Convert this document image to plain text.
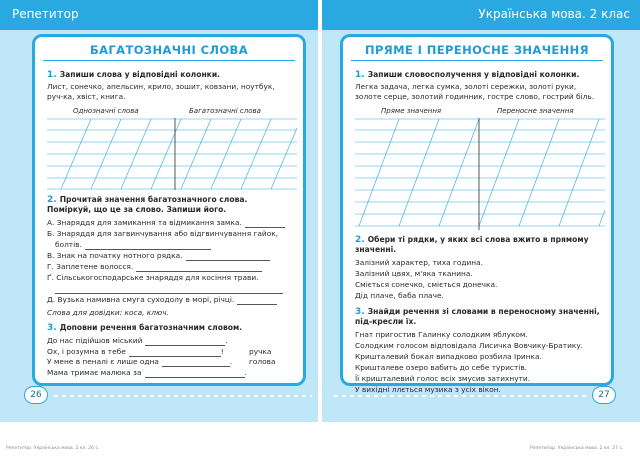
Репетитор	Українська мова. 2 клас
БАГАТОЗНАЧНІ СЛОВА
1. Запиши слова у відповідні колонки.
Лист, сонечко, апельсин, крило, зошит, ковзани, ноутбук, руч-ка, хвіст, книга.
Однозначні слова	Багатозначні слова
2. Прочитай значення багатозначного слова. Поміркуй, що це за слово. Запиши його.
А. Знаряддя для замикання та відмикання замка.
Б. Знаряддя для загвинчування або відгвинчування гайок,
болтів.
В. Знак на початку нотного рядка.
Г. Заплетене волосся.
Ґ. Сільськогосподарське знаряддя для косіння трави.
Д. Вузька намивна смуга суходолу в морі, річці.
Слова для довідки: коса, ключ.
3. Доповни речення багатозначним словом.
До нас підійшов міський	.
Ох, і розумна в тебе	!	ручка
У мене в пеналі є лише одна	. голова
Мама тримає малюка за	.
ПРЯМЕ І ПЕРЕНОСНЕ ЗНАЧЕННЯ
1. Запиши словосполучення у відповідні колонки.
Легка задача, легка сумка, золоті сережки, золоті руки, золоте серце, золотий годинник, гостре слово, гострий біль.
Пряме значення	Переносне значення
2. Обери ті рядки, у яких всі слова вжито в прямому значенні.
Залізний характер, тиха година.
Залізний цвях, м'яка тканина.
Сміється сонечко, сміється донечка.
Дід плаче, баба плаче.
3. Знайди речення зі словами в переносному значенні, під-кресли їх.
Гнат пригостив Галинку солодким яблуком.
Солодким голосом відповідала Лисичка Вовчику-Братику.
Кришталевий бокал випадково розбила Іринка.
Кришталеве озеро вабить до себе туристів.
Її кришталевий голос всіх змусив затихнути.
У вихідні ллється музика з усіх вікон.
26	27
Репетитор. Українська мова. 2 кл. 26 с.	Репетитор. Українська мова. 2 кл. 27 с.
